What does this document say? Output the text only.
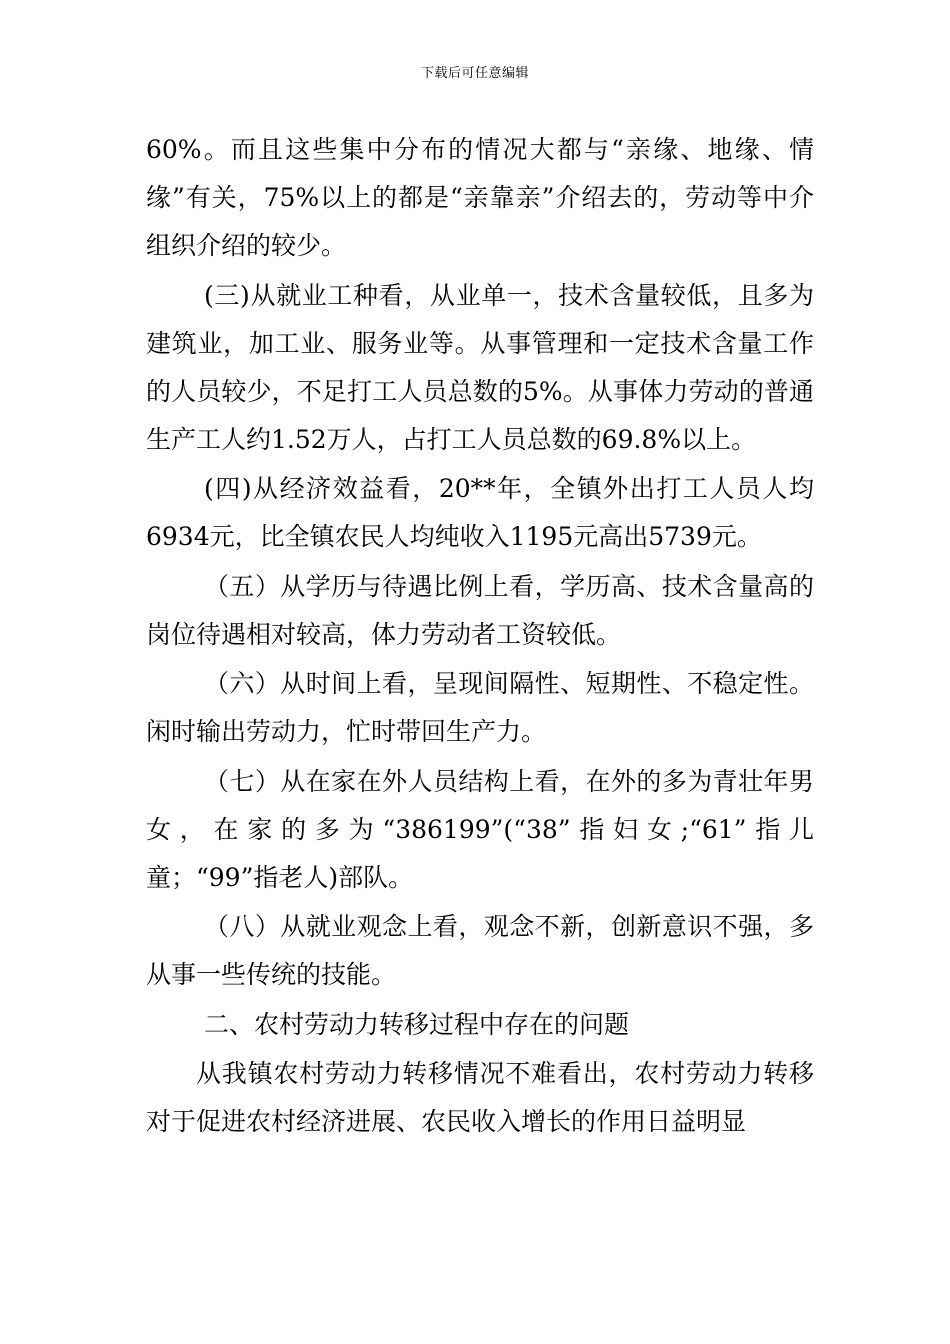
下载后可任意编辑

60%。而且这些集中分布的情况大都与“亲缘、地缘、情缘”有关，75%以上的都是“亲靠亲”介绍去的，劳动等中介组织介绍的较少。

(三)从就业工种看，从业单一，技术含量较低，且多为建筑业，加工业、服务业等。从事管理和一定技术含量工作的人员较少，不足打工人员总数的5%。从事体力劳动的普通生产工人约1.52万人，占打工人员总数的69.8%以上。

(四)从经济效益看，20**年，全镇外出打工人员人均6934元，比全镇农民人均纯收入1195元高出5739元。

（五）从学历与待遇比例上看，学历高、技术含量高的岗位待遇相对较高，体力劳动者工资较低。

（六）从时间上看，呈现间隔性、短期性、不稳定性。闲时输出劳动力，忙时带回生产力。

（七）从在家在外人员结构上看，在外的多为青壮年男女，在家的多为“386199”(“38”指妇女;“61”指儿童；“99”指老人)部队。

（八）从就业观念上看，观念不新，创新意识不强，多从事一些传统的技能。

二、农村劳动力转移过程中存在的问题

从我镇农村劳动力转移情况不难看出，农村劳动力转移对于促进农村经济进展、农民收入增长的作用日益明显
